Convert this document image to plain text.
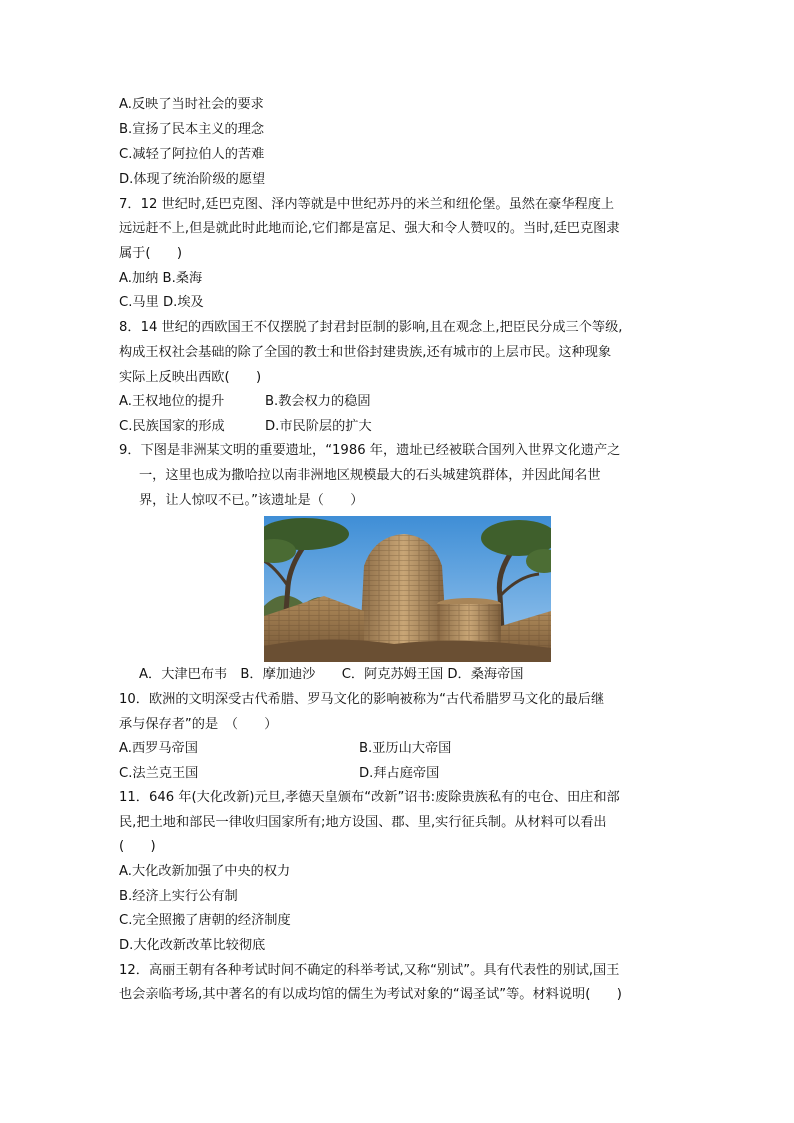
A.反映了当时社会的要求
B.宣扬了民本主义的理念
C.减轻了阿拉伯人的苦难
D.体现了统治阶级的愿望
7．12 世纪时,廷巴克图、泽内等就是中世纪苏丹的米兰和纽伦堡。虽然在豪华程度上
远远赶不上,但是就此时此地而论,它们都是富足、强大和令人赞叹的。当时,廷巴克图隶
属于(　　)
A.加纳 B.桑海
C.马里 D.埃及
8．14 世纪的西欧国王不仅摆脱了封君封臣制的影响,且在观念上,把臣民分成三个等级,
构成王权社会基础的除了全国的教士和世俗封建贵族,还有城市的上层市民。这种现象
实际上反映出西欧(　　)
A.王权地位的提升	B.教会权力的稳固
C.民族国家的形成	D.市民阶层的扩大
9．下图是非洲某文明的重要遗址，“1986 年，遗址已经被联合国列入世界文化遗产之
一，这里也成为撒哈拉以南非洲地区规模最大的石头城建筑群体，并因此闻名世
界，让人惊叹不已。”该遗址是（　　）
A．大津巴布韦　B．摩加迪沙　　C．阿克苏姆王国 D．桑海帝国
10．欧洲的文明深受古代希腊、罗马文化的影响被称为“古代希腊罗马文化的最后继
承与保存者”的是　（　　）
A.西罗马帝国	B.亚历山大帝国
C.法兰克王国	D.拜占庭帝国
11．646 年(大化改新)元旦,孝德天皇颁布“改新”诏书:废除贵族私有的屯仓、田庄和部
民,把土地和部民一律收归国家所有;地方设国、郡、里,实行征兵制。从材料可以看出
(　　)
A.大化改新加强了中央的权力
B.经济上实行公有制
C.完全照搬了唐朝的经济制度
D.大化改新改革比较彻底
12．高丽王朝有各种考试时间不确定的科举考试,又称“别试”。具有代表性的别试,国王
也会亲临考场,其中著名的有以成均馆的儒生为考试对象的“谒圣试”等。材料说明(　　)
